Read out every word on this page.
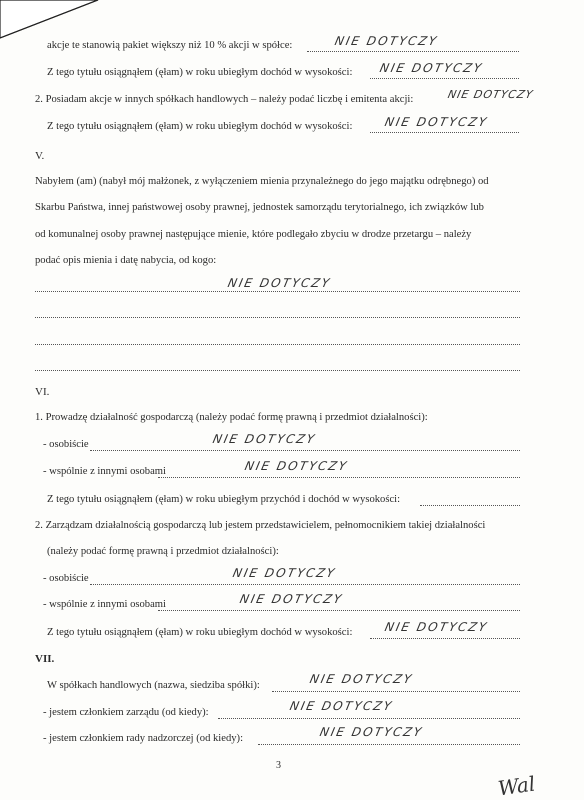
akcje te stanowią pakiet większy niż 10 % akcji w spółce:	NIE DOTYCZY
Z tego tytułu osiągnąłem (ęłam) w roku ubiegłym dochód w wysokości: NIE DOTYCZY
2. Posiadam akcje w innych spółkach handlowych – należy podać liczbę i emitenta akcji:	NIE DOTYCZY
Z tego tytułu osiągnąłem (ęłam) w roku ubiegłym dochód w wysokości:	NIE DOTYCZY
V.
Nabyłem (am) (nabył mój małżonek, z wyłączeniem mienia przynależnego do jego majątku odrębnego) od
Skarbu Państwa, innej państwowej osoby prawnej, jednostek samorządu terytorialnego, ich związków lub
od komunalnej osoby prawnej następujące mienie, które podlegało zbyciu w drodze przetargu – należy
podać opis mienia i datę nabycia, od kogo:
NIE DOTYCZY
VI.
1. Prowadzę działalność gospodarczą (należy podać formę prawną i przedmiot działalności):
- osobiście	NIE DOTYCZY
- wspólnie z innymi osobami	NIE DOTYCZY
Z tego tytułu osiągnąłem (ęłam) w roku ubiegłym przychód i dochód w wysokości:
2. Zarządzam działalnością gospodarczą lub jestem przedstawicielem, pełnomocnikiem takiej działalności
(należy podać formę prawną i przedmiot działalności):
- osobiście	NIE DOTYCZY
- wspólnie z innymi osobami	NIE DOTYCZY
Z tego tytułu osiągnąłem (ęłam) w roku ubiegłym dochód w wysokości:	NIE DOTYCZY
VII.
W spółkach handlowych (nazwa, siedziba spółki):	NIE DOTYCZY
- jestem członkiem zarządu (od kiedy):	NIE DOTYCZY
- jestem członkiem rady nadzorczej (od kiedy):	NIE DOTYCZY
3
Wal
